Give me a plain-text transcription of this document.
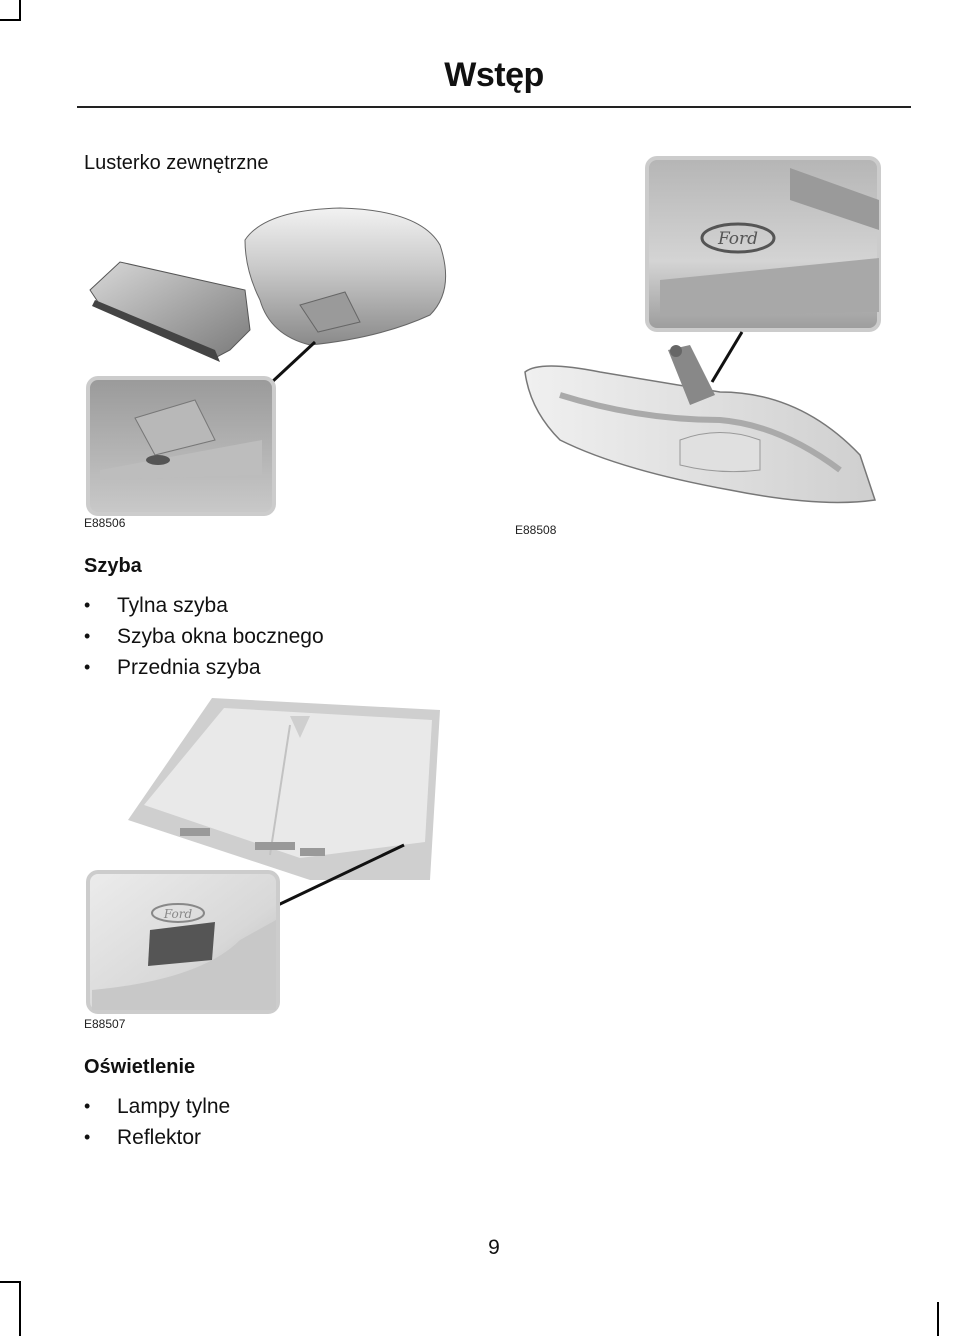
Wstęp
Lusterko zewnętrzne
E88506
Ford
E88508
Szyba
• Tylna szyba
• Szyba okna bocznego
• Przednia szyba
Ford
E88507
Oświetlenie
• Lampy tylne
• Reflektor
9
